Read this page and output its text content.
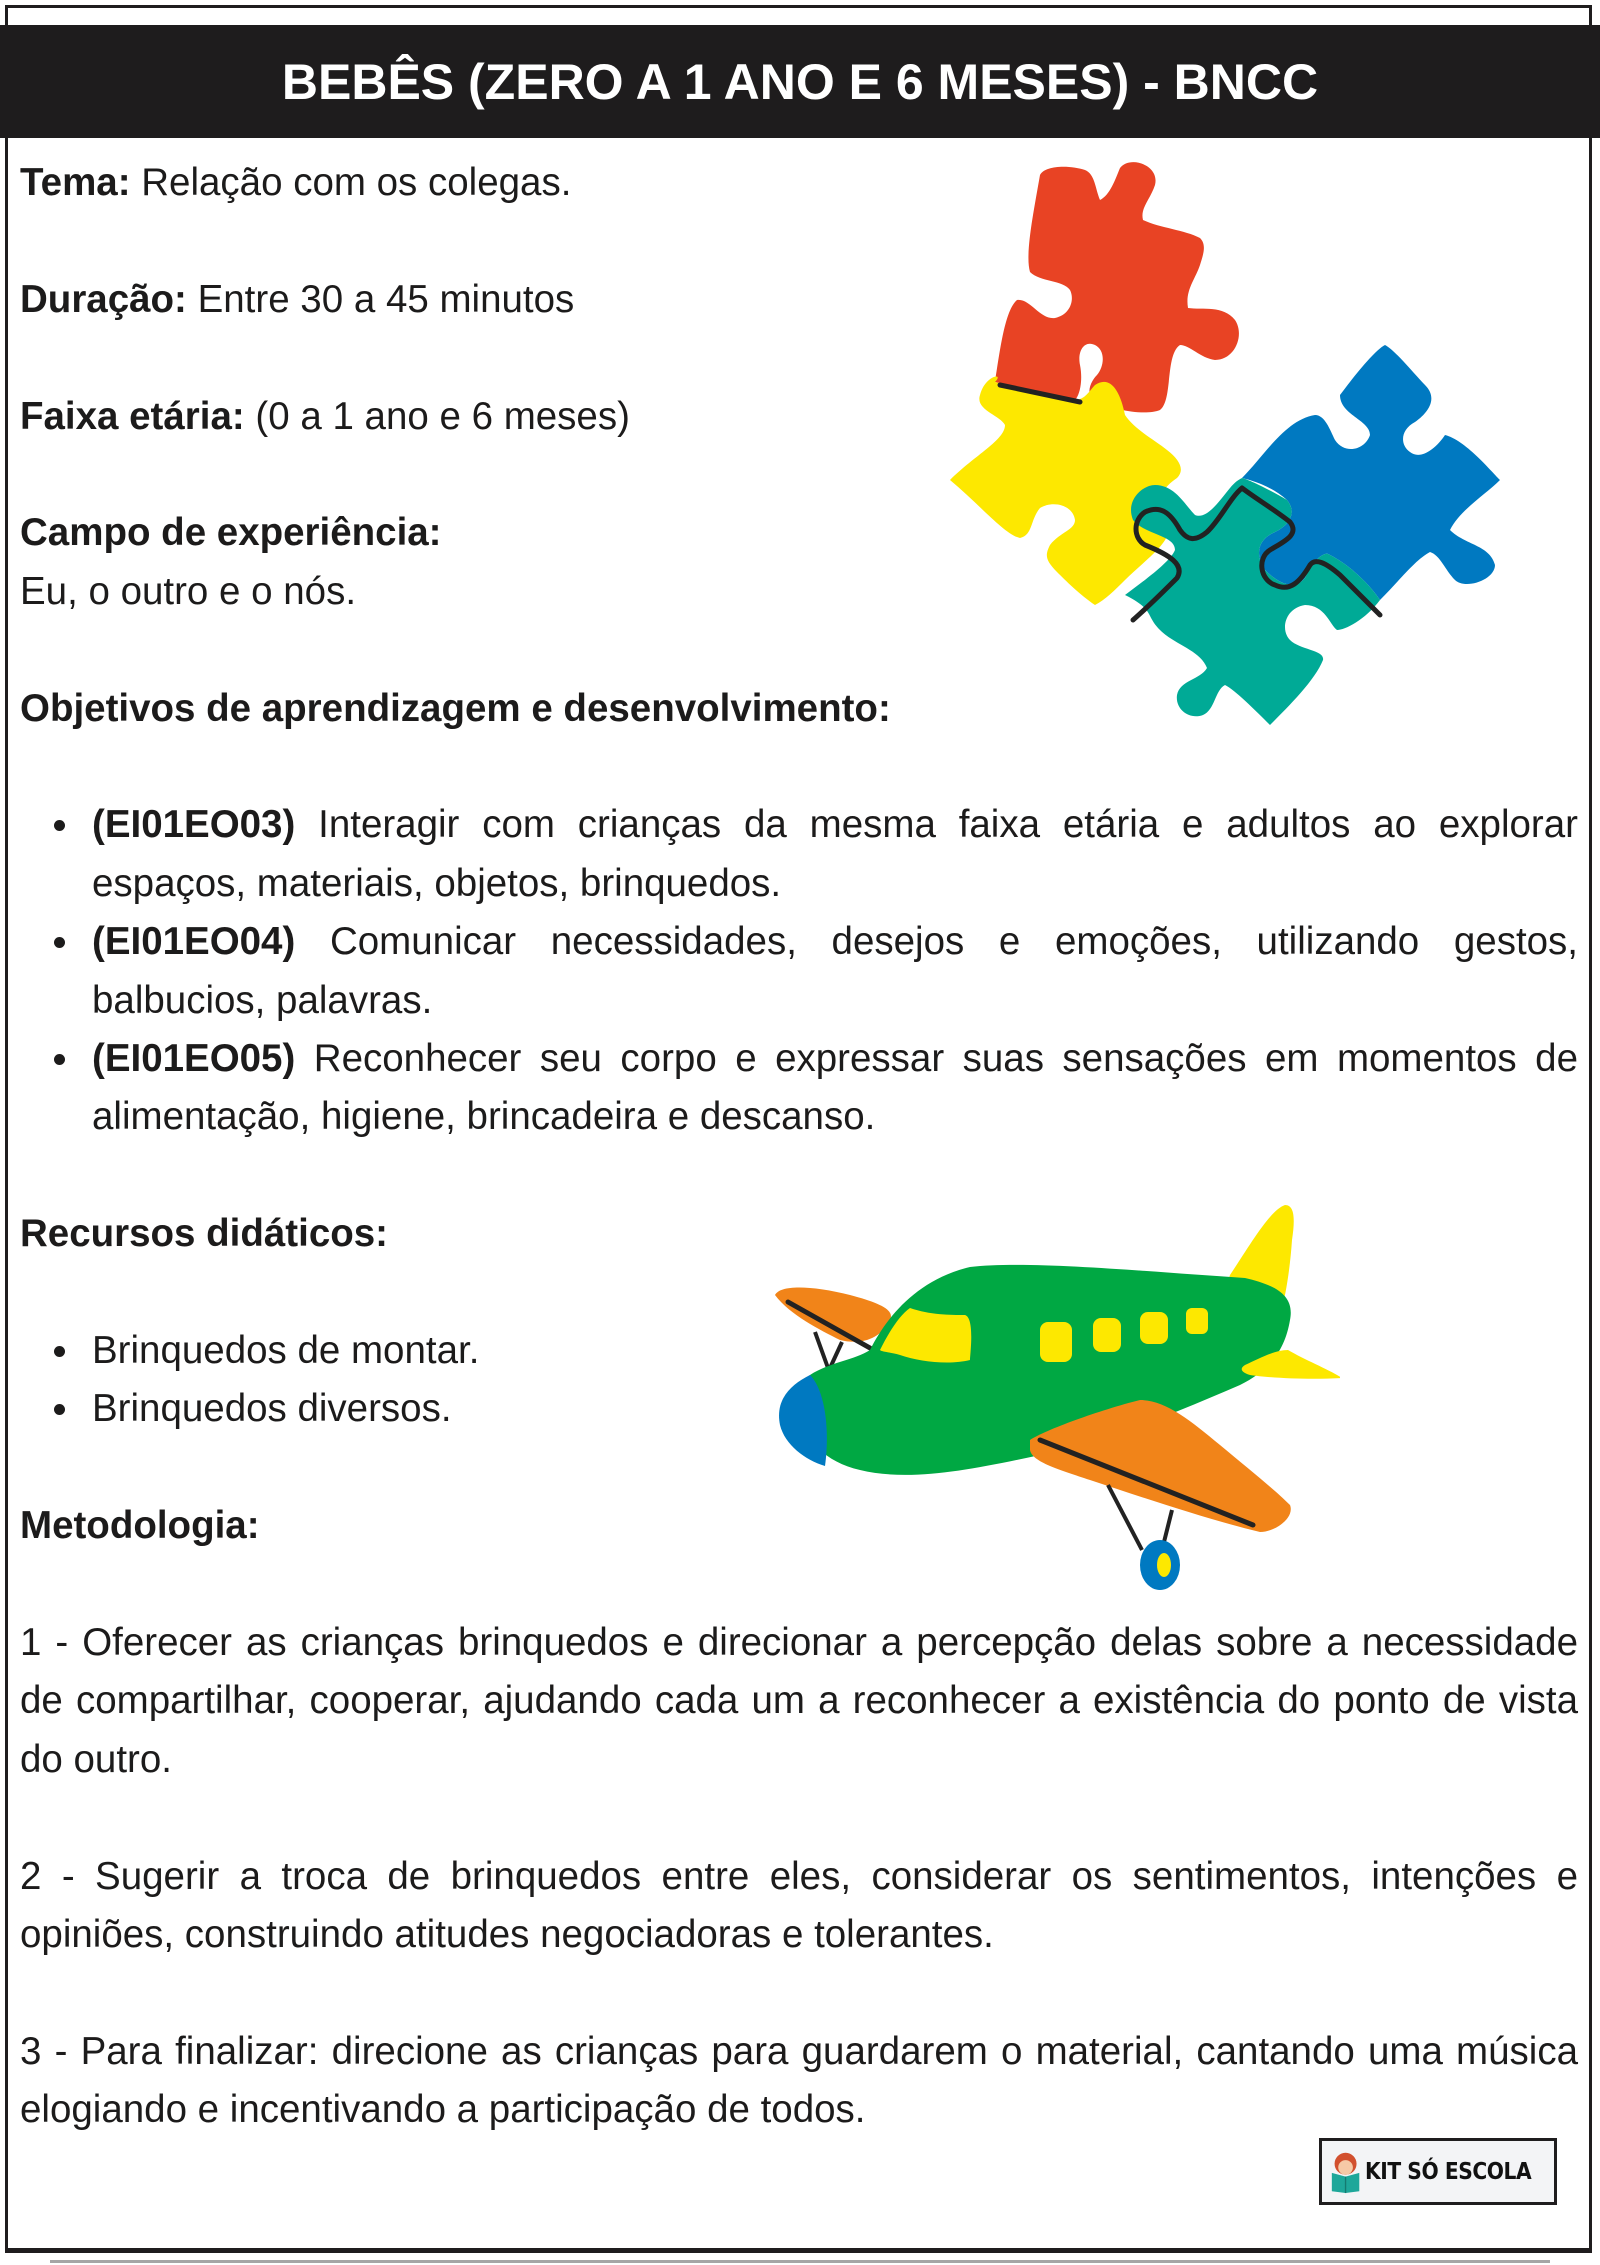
BEBÊS (ZERO A 1 ANO E 6 MESES) - BNCC
Tema: Relação com os colegas.
Duração: Entre 30 a 45 minutos
Faixa etária: (0 a 1 ano e 6 meses)
Campo de experiência:
Eu, o outro e o nós.
Objetivos de aprendizagem e desenvolvimento:
(EI01EO03) Interagir com crianças da mesma faixa etária e adultos ao explorar espaços, materiais, objetos, brinquedos.
(EI01EO04) Comunicar necessidades, desejos e emoções, utilizando gestos, balbucios, palavras.
(EI01EO05) Reconhecer seu corpo e expressar suas sensações em momentos de alimentação, higiene, brincadeira e descanso.
Recursos didáticos:
Brinquedos de montar.
Brinquedos diversos.
Metodologia:
1 - Oferecer as crianças brinquedos e direcionar a percepção delas sobre a necessidade de compartilhar, cooperar, ajudando cada um a reconhecer a existência do ponto de vista do outro.
2 - Sugerir a troca de brinquedos entre eles, considerar os sentimentos, intenções e opiniões, construindo atitudes negociadoras e tolerantes.
3 - Para finalizar: direcione as crianças para guardarem o material, cantando uma música elogiando e incentivando a participação de todos.
KIT SÓ ESCOLA
